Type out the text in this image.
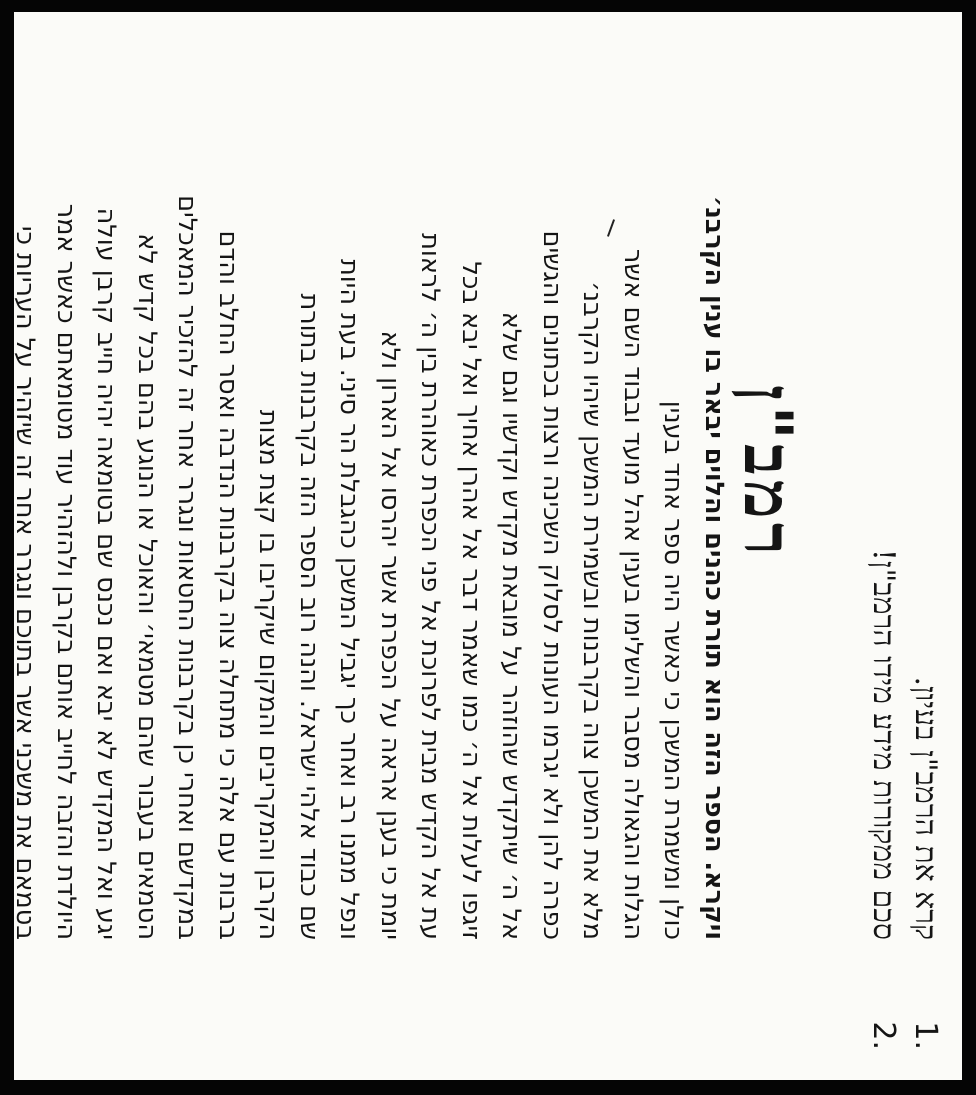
1.
קרא את הרמב"ן בעיון.
2.
סכם ממקורות מידע מידו הרמב"ן!
רמב"ן
ויקרא. הספר הזה הוא תורת כהנים והלוים יבאר בו ענין הקרבנ׳
כולן ומשמרת המשכן כי כאשר היה ספר אחד בענין
הגלות והגאולה מסבר והשלימו בענין אהל מועד ובבוד השם אשר
מלא את המשכן צוה בקרבנות ובשמירת המשכן שיהיו הקרבנ׳
כפרה להן ולא יגרמו העונות לסלוק השכינה ורצות בכתונים והגשים
אל ה׳ שיתקדש שהוזהר על מובאת מקדש וקדשיו וגם שלא
זיגפו לעלות אל ה׳ כמו שאמר דבר אל אהרן אחיך ואל יבא בכל
עת אל הקדש מבית לפרוכת אל פני הכפרת כאוהרת בין ה׳ לראות
יומת כי בענן אראה על הכפרת אשר יהרסו אל הארון ולא
ונפל ממנו רב ואחר כך יגביל המשכן כהגבלת הר סיני. בעת היות
שם כבוד אלהי ישראל. והנה רוב הספר הזה בקרבנות בתורת
הקרבן והמקריבים והמקום שיקריבו בו קצת מצות
ברבות עם אלה כי מתחלה צוה בקרבנות הנדבה ואסר החלב והדם
במקדשם ואחרי כן בקרבנות החטאות ונגרר אחר זה להזכיר המאכלים
הטמאים בעבור שהם מטמאי׳ והאוכל או הנוגע בהם בכל קדש לא
יגע ואל המקדש לא יבא ואם נכנס שם בטומאה יהיה חייב קרבן עולה
היולדת והזבה לחייב אותם בקרבן ולהזהיר עוד מטומאתם כאשר אמר
בטמאם את משכני אשר בתוכם ונגרר אחר זה שיזהיר על העריות כי
